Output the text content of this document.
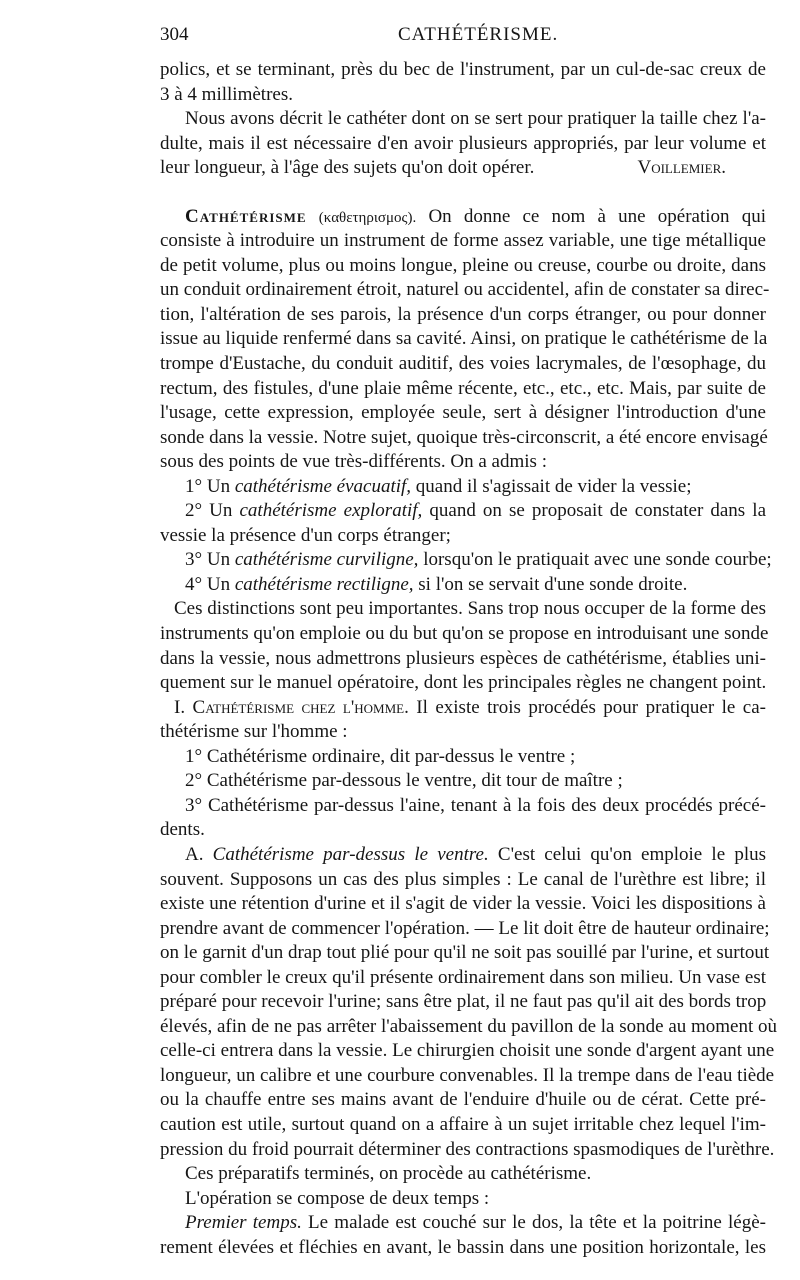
304	CATHÉTÉRISME.
polics, et se terminant, près du bec de l'instrument, par un cul-de-sac creux de
3 à 4 millimètres.
Nous avons décrit le cathéter dont on se sert pour pratiquer la taille chez l'a-
dulte, mais il est nécessaire d'en avoir plusieurs appropriés, par leur volume et
leur longueur, à l'âge des sujets qu'on doit opérer.	Voillemier.
Cathétérisme (καθετηρισμος). On donne ce nom à une opération qui
consiste à introduire un instrument de forme assez variable, une tige métallique
de petit volume, plus ou moins longue, pleine ou creuse, courbe ou droite, dans
un conduit ordinairement étroit, naturel ou accidentel, afin de constater sa direc-
tion, l'altération de ses parois, la présence d'un corps étranger, ou pour donner
issue au liquide renfermé dans sa cavité. Ainsi, on pratique le cathétérisme de la
trompe d'Eustache, du conduit auditif, des voies lacrymales, de l'œsophage, du
rectum, des fistules, d'une plaie même récente, etc., etc., etc. Mais, par suite de
l'usage, cette expression, employée seule, sert à désigner l'introduction d'une
sonde dans la vessie. Notre sujet, quoique très-circonscrit, a été encore envisagé
sous des points de vue très-différents. On a admis :
1° Un cathétérisme évacuatif, quand il s'agissait de vider la vessie;
2° Un cathétérisme exploratif, quand on se proposait de constater dans la
vessie la présence d'un corps étranger;
3° Un cathétérisme curviligne, lorsqu'on le pratiquait avec une sonde courbe;
4° Un cathétérisme rectiligne, si l'on se servait d'une sonde droite.
Ces distinctions sont peu importantes. Sans trop nous occuper de la forme des
instruments qu'on emploie ou du but qu'on se propose en introduisant une sonde
dans la vessie, nous admettrons plusieurs espèces de cathétérisme, établies uni-
quement sur le manuel opératoire, dont les principales règles ne changent point.
I. Cathétérisme chez l'homme. Il existe trois procédés pour pratiquer le ca-
thétérisme sur l'homme :
1° Cathétérisme ordinaire, dit par-dessus le ventre ;
2° Cathétérisme par-dessous le ventre, dit tour de maître ;
3° Cathétérisme par-dessus l'aine, tenant à la fois des deux procédés précé-
dents.
A. Cathétérisme par-dessus le ventre. C'est celui qu'on emploie le plus
souvent. Supposons un cas des plus simples : Le canal de l'urèthre est libre; il
existe une rétention d'urine et il s'agit de vider la vessie. Voici les dispositions à
prendre avant de commencer l'opération. — Le lit doit être de hauteur ordinaire;
on le garnit d'un drap tout plié pour qu'il ne soit pas souillé par l'urine, et surtout
pour combler le creux qu'il présente ordinairement dans son milieu. Un vase est
préparé pour recevoir l'urine; sans être plat, il ne faut pas qu'il ait des bords trop
élevés, afin de ne pas arrêter l'abaissement du pavillon de la sonde au moment où
celle-ci entrera dans la vessie. Le chirurgien choisit une sonde d'argent ayant une
longueur, un calibre et une courbure convenables. Il la trempe dans de l'eau tiède
ou la chauffe entre ses mains avant de l'enduire d'huile ou de cérat. Cette pré-
caution est utile, surtout quand on a affaire à un sujet irritable chez lequel l'im-
pression du froid pourrait déterminer des contractions spasmodiques de l'urèthre.
Ces préparatifs terminés, on procède au cathétérisme.
L'opération se compose de deux temps :
Premier temps. Le malade est couché sur le dos, la tête et la poitrine légè-
rement élevées et fléchies en avant, le bassin dans une position horizontale, les
